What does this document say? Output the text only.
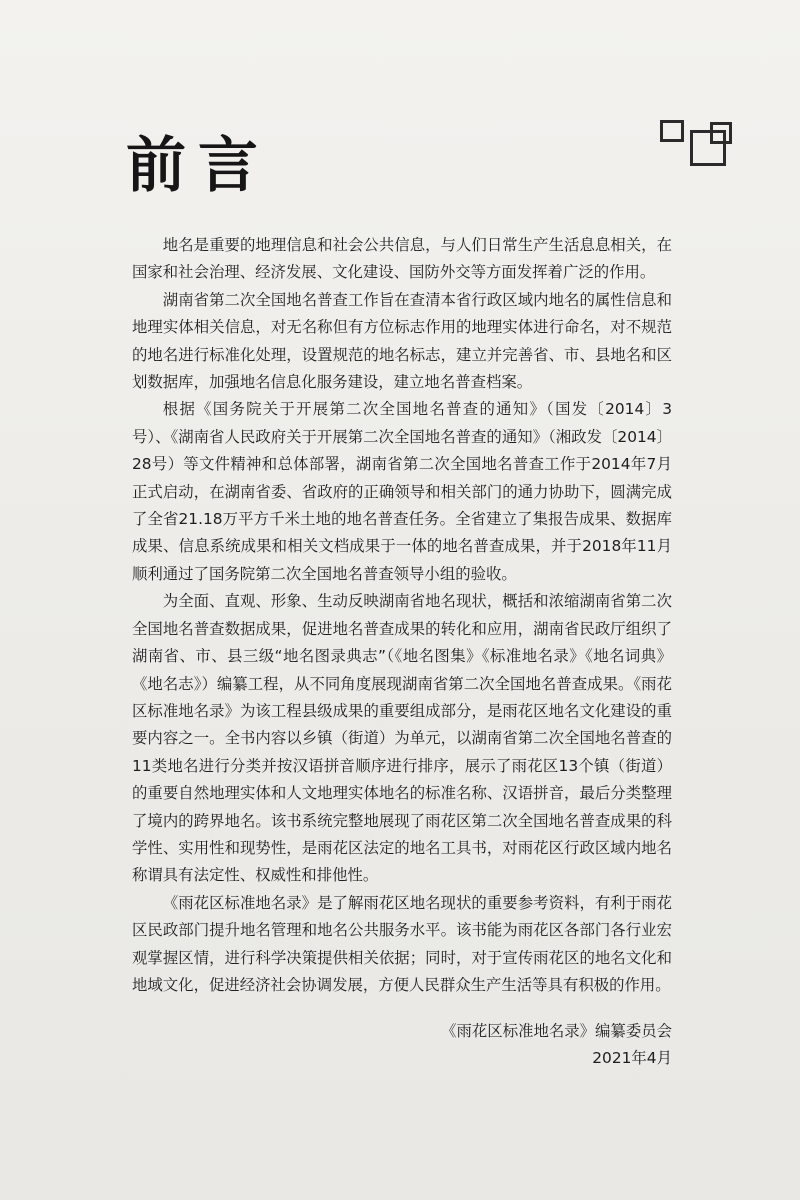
前言

地名是重要的地理信息和社会公共信息，与人们日常生产生活息息相关，在国家和社会治理、经济发展、文化建设、国防外交等方面发挥着广泛的作用。

湖南省第二次全国地名普查工作旨在查清本省行政区域内地名的属性信息和地理实体相关信息，对无名称但有方位标志作用的地理实体进行命名，对不规范的地名进行标准化处理，设置规范的地名标志，建立并完善省、市、县地名和区划数据库，加强地名信息化服务建设，建立地名普查档案。

根据《国务院关于开展第二次全国地名普查的通知》（国发〔2014〕3号）、《湖南省人民政府关于开展第二次全国地名普查的通知》（湘政发〔2014〕28号）等文件精神和总体部署，湖南省第二次全国地名普查工作于2014年7月正式启动，在湖南省委、省政府的正确领导和相关部门的通力协助下，圆满完成了全省21.18万平方千米土地的地名普查任务。全省建立了集报告成果、数据库成果、信息系统成果和相关文档成果于一体的地名普查成果，并于2018年11月顺利通过了国务院第二次全国地名普查领导小组的验收。

为全面、直观、形象、生动反映湖南省地名现状，概括和浓缩湖南省第二次全国地名普查数据成果，促进地名普查成果的转化和应用，湖南省民政厅组织了湖南省、市、县三级“地名图录典志”（《地名图集》《标准地名录》《地名词典》《地名志》）编纂工程，从不同角度展现湖南省第二次全国地名普查成果。《雨花区标准地名录》为该工程县级成果的重要组成部分，是雨花区地名文化建设的重要内容之一。全书内容以乡镇（街道）为单元，以湖南省第二次全国地名普查的11类地名进行分类并按汉语拼音顺序进行排序，展示了雨花区13个镇（街道）的重要自然地理实体和人文地理实体地名的标准名称、汉语拼音，最后分类整理了境内的跨界地名。该书系统完整地展现了雨花区第二次全国地名普查成果的科学性、实用性和现势性，是雨花区法定的地名工具书，对雨花区行政区域内地名称谓具有法定性、权威性和排他性。

《雨花区标准地名录》是了解雨花区地名现状的重要参考资料，有利于雨花区民政部门提升地名管理和地名公共服务水平。该书能为雨花区各部门各行业宏观掌握区情，进行科学决策提供相关依据；同时，对于宣传雨花区的地名文化和地域文化，促进经济社会协调发展，方便人民群众生产生活等具有积极的作用。

《雨花区标准地名录》编纂委员会
2021年4月
